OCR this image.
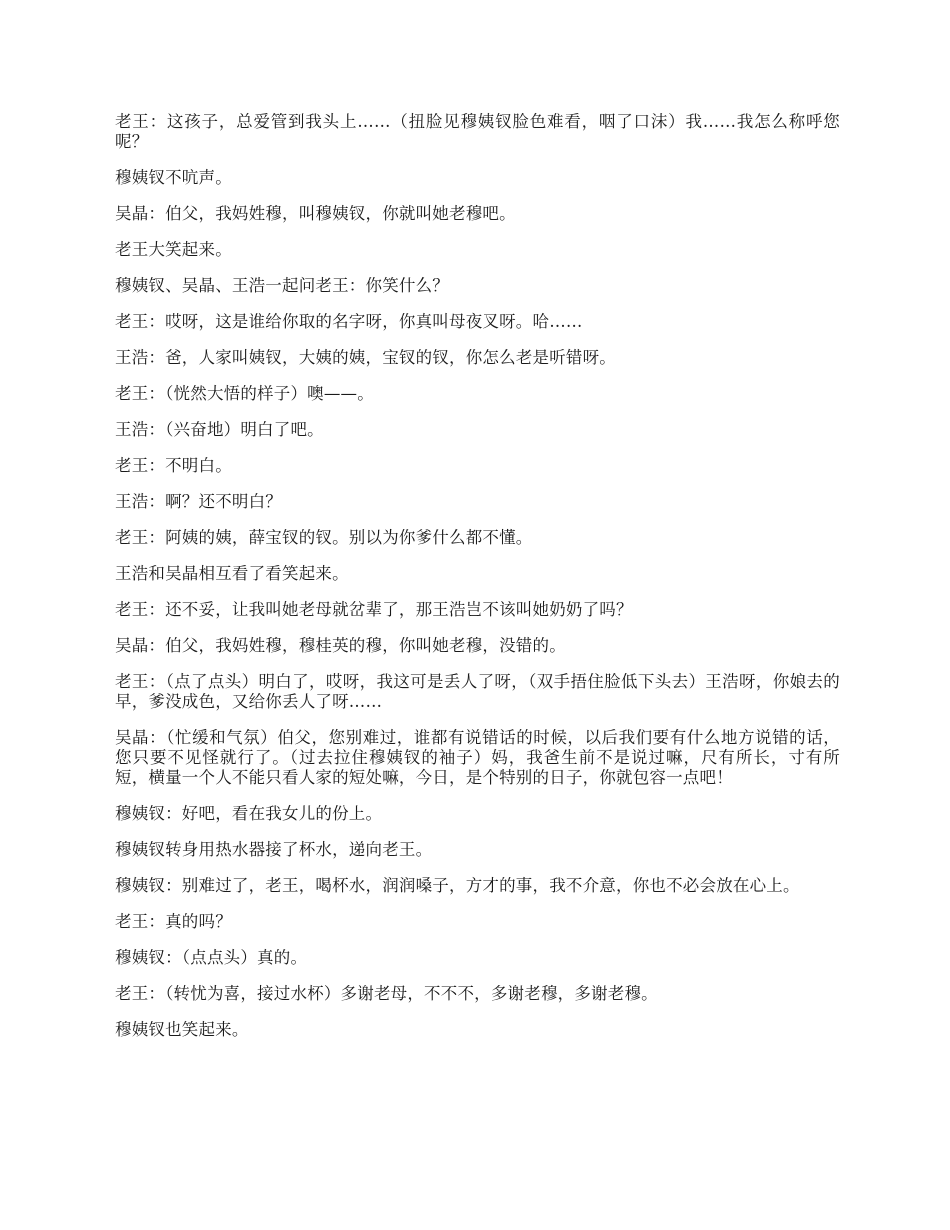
老王：这孩子，总爱管到我头上……（扭脸见穆姨钗脸色难看，咽了口沫）我……我怎么称呼您呢？

穆姨钗不吭声。

吴晶：伯父，我妈姓穆，叫穆姨钗，你就叫她老穆吧。

老王大笑起来。

穆姨钗、吴晶、王浩一起问老王：你笑什么？

老王：哎呀，这是谁给你取的名字呀，你真叫母夜叉呀。哈……

王浩：爸，人家叫姨钗，大姨的姨，宝钗的钗，你怎么老是听错呀。

老王：（恍然大悟的样子）噢——。

王浩：（兴奋地）明白了吧。

老王：不明白。

王浩：啊？还不明白？

老王：阿姨的姨，薛宝钗的钗。别以为你爹什么都不懂。

王浩和吴晶相互看了看笑起来。

老王：还不妥，让我叫她老母就岔辈了，那王浩岂不该叫她奶奶了吗？

吴晶：伯父，我妈姓穆，穆桂英的穆，你叫她老穆，没错的。

老王：（点了点头）明白了，哎呀，我这可是丢人了呀，（双手捂住脸低下头去）王浩呀，你娘去的早，爹没成色，又给你丢人了呀……

吴晶：（忙缓和气氛）伯父，您别难过，谁都有说错话的时候，以后我们要有什么地方说错的话，您只要不见怪就行了。（过去拉住穆姨钗的袖子）妈，我爸生前不是说过嘛，尺有所长，寸有所短，横量一个人不能只看人家的短处嘛，今日，是个特别的日子，你就包容一点吧！

穆姨钗：好吧，看在我女儿的份上。

穆姨钗转身用热水器接了杯水，递向老王。

穆姨钗：别难过了，老王，喝杯水，润润嗓子，方才的事，我不介意，你也不必会放在心上。

老王：真的吗？

穆姨钗：（点点头）真的。

老王：（转忧为喜，接过水杯）多谢老母，不不不，多谢老穆，多谢老穆。

穆姨钗也笑起来。
